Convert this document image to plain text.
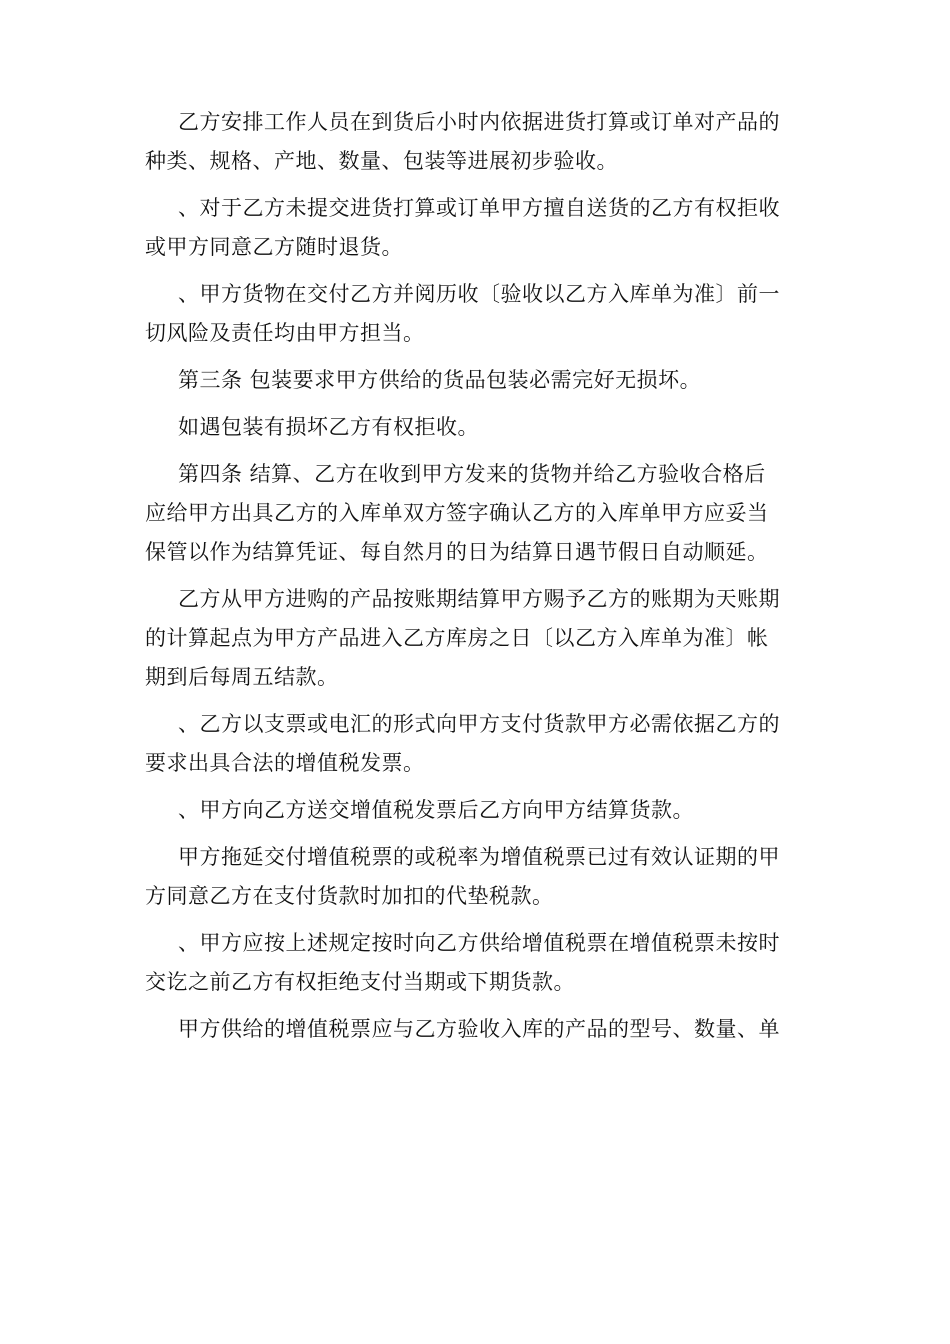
乙方安排工作人员在到货后小时内依据进货打算或订单对产品的
种类、规格、产地、数量、包装等进展初步验收。

、对于乙方未提交进货打算或订单甲方擅自送货的乙方有权拒收
或甲方同意乙方随时退货。

、甲方货物在交付乙方并阅历收〔验收以乙方入库单为准〕前一
切风险及责任均由甲方担当。

第三条 包装要求甲方供给的货品包装必需完好无损坏。

如遇包装有损坏乙方有权拒收。

第四条 结算、乙方在收到甲方发来的货物并给乙方验收合格后
应给甲方出具乙方的入库单双方签字确认乙方的入库单甲方应妥当
保管以作为结算凭证、每自然月的日为结算日遇节假日自动顺延。

乙方从甲方进购的产品按账期结算甲方赐予乙方的账期为天账期
的计算起点为甲方产品进入乙方库房之日〔以乙方入库单为准〕帐
期到后每周五结款。

、乙方以支票或电汇的形式向甲方支付货款甲方必需依据乙方的
要求出具合法的增值税发票。

、甲方向乙方送交增值税发票后乙方向甲方结算货款。

甲方拖延交付增值税票的或税率为增值税票已过有效认证期的甲
方同意乙方在支付货款时加扣的代垫税款。

、甲方应按上述规定按时向乙方供给增值税票在增值税票未按时
交讫之前乙方有权拒绝支付当期或下期货款。

甲方供给的增值税票应与乙方验收入库的产品的型号、数量、单
